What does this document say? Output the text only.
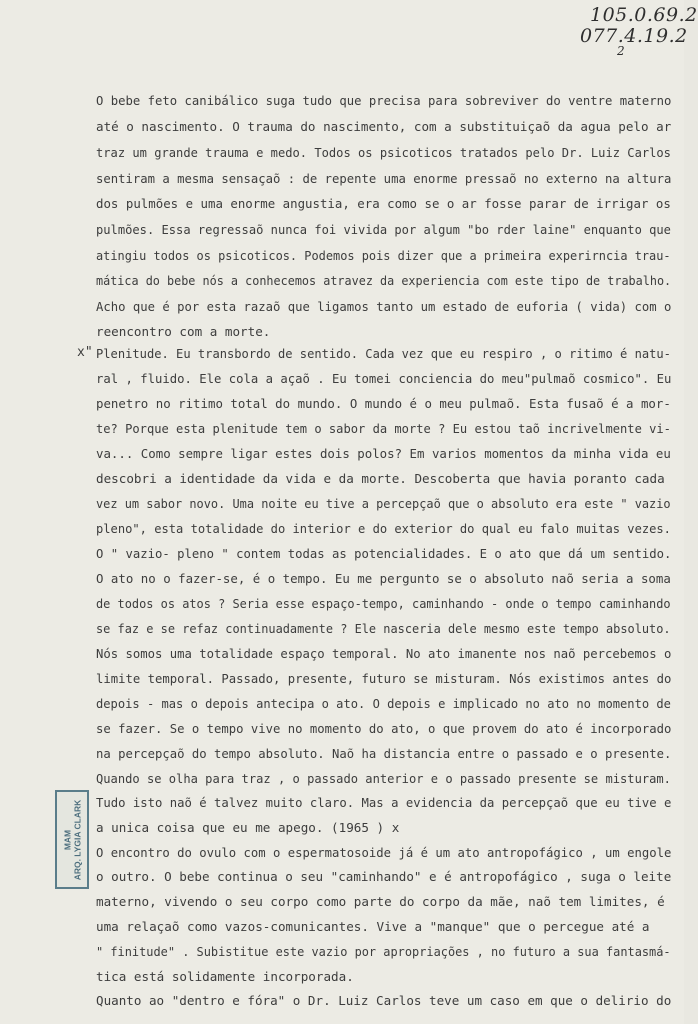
105.0.69.2
077.4.19.2
2
x"
O bebe feto canibálico suga tudo que precisa para sobreviver do ventre materno
até o nascimento. O trauma do nascimento, com a substituiçaõ da agua pelo ar
traz um grande trauma e medo. Todos os psicoticos tratados pelo Dr. Luiz Carlos
sentiram a mesma sensaçaõ : de repente uma enorme pressaõ no externo na altura
dos pulmões e uma enorme angustia, era como se o ar fosse parar de irrigar os
pulmões. Essa regressaõ nunca foi vivida por algum "bo rder laine" enquanto que
atingiu todos os psicoticos. Podemos pois dizer que a primeira experirncia trau-
mática do bebe nós a conhecemos atravez da experiencia com este tipo de trabalho.
Acho que é por esta razaõ que ligamos tanto um estado de euforia ( vida) com o
reencontro com a morte.
Plenitude. Eu transbordo de sentido. Cada vez que eu respiro , o ritimo é natu-
ral , fluido. Ele cola a açaõ . Eu tomei conciencia do meu"pulmaõ cosmico". Eu
penetro no ritimo total do mundo. O mundo é o meu pulmaõ. Esta fusaõ é a mor-
te? Porque esta plenitude tem o sabor da morte ? Eu estou taõ incrivelmente vi-
va... Como sempre ligar estes dois polos? Em varios momentos da minha vida eu
descobri a identidade da vida e da morte. Descoberta que havia poranto cada
vez um sabor novo. Uma noite eu tive a percepçaõ que o absoluto era este " vazio
pleno", esta totalidade do interior e do exterior do qual eu falo muitas vezes.
O " vazio- pleno " contem todas as potencialidades. E o ato que dá um sentido.
O ato no o fazer-se, é o tempo. Eu me pergunto se o absoluto naõ seria a soma
de todos os atos ? Seria esse espaço-tempo, caminhando - onde o tempo caminhando
se faz e se refaz continuadamente ? Ele nasceria dele mesmo este tempo absoluto.
Nós somos uma totalidade espaço temporal. No ato imanente nos naõ percebemos o
limite temporal. Passado, presente, futuro se misturam. Nós existimos antes do
depois - mas o depois antecipa o ato. O depois e implicado no ato no momento de
se fazer. Se o tempo vive no momento do ato, o que provem do ato é incorporado
na percepçaõ do tempo absoluto. Naõ ha distancia entre o passado e o presente.
Quando se olha para traz , o passado anterior e o passado presente se misturam.
Tudo isto naõ é talvez muito claro. Mas a evidencia da percepçaõ que eu tive e
a unica coisa que eu me apego. (1965 ) x
O encontro do ovulo com o espermatosoide já é um ato antropofágico , um engole
o outro. O bebe continua o seu "caminhando" e é antropofágico , suga o leite
materno, vivendo o seu corpo como parte do corpo da mãe, naõ tem limites, é
uma relaçaõ como vazos-comunicantes. Vive a "manque" que o percegue até a
" finitude" . Subistitue este vazio por apropriações , no futuro a sua fantasmá-
tica está solidamente incorporada.
Quanto ao "dentro e fóra" o Dr. Luiz Carlos teve um caso em que o delirio do
MAM ARQ. LYGIA CLARK
